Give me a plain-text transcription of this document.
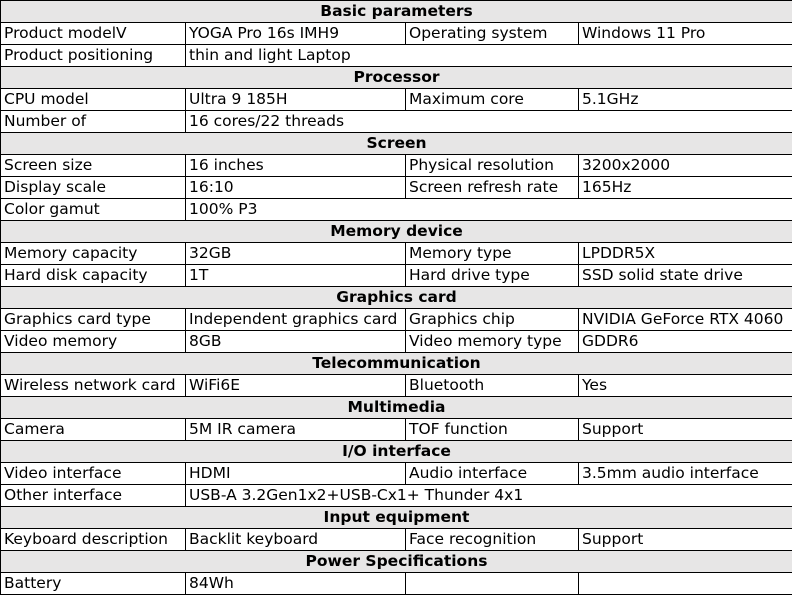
Basic parameters			
Product modelV	YOGA Pro 16s IMH9	Operating system	Windows 11 Pro
Product positioning	thin and light Laptop		
Processor			
CPU model	Ultra 9 185H	Maximum core	5.1GHz
Number of	16 cores/22 threads		
Screen			
Screen size	16 inches	Physical resolution	3200x2000
Display scale	16:10	Screen refresh rate	165Hz
Color gamut	100% P3		
Memory device			
Memory capacity	32GB	Memory type	LPDDR5X
Hard disk capacity	1T	Hard drive type	SSD solid state drive
Graphics card			
Graphics card type	Independent graphics card	Graphics chip	NVIDIA GeForce RTX 4060
Video memory	8GB	Video memory type	GDDR6
Telecommunication			
Wireless network card	WiFi6E	Bluetooth	Yes
Multimedia			
Camera	5M IR camera	TOF function	Support
I/O interface			
Video interface	HDMI	Audio interface	3.5mm audio interface
Other interface	USB-A 3.2Gen1x2+USB-Cx1+ Thunder 4x1		
Input equipment			
Keyboard description	Backlit keyboard	Face recognition	Support
Power Specifications			
Battery	84Wh		
